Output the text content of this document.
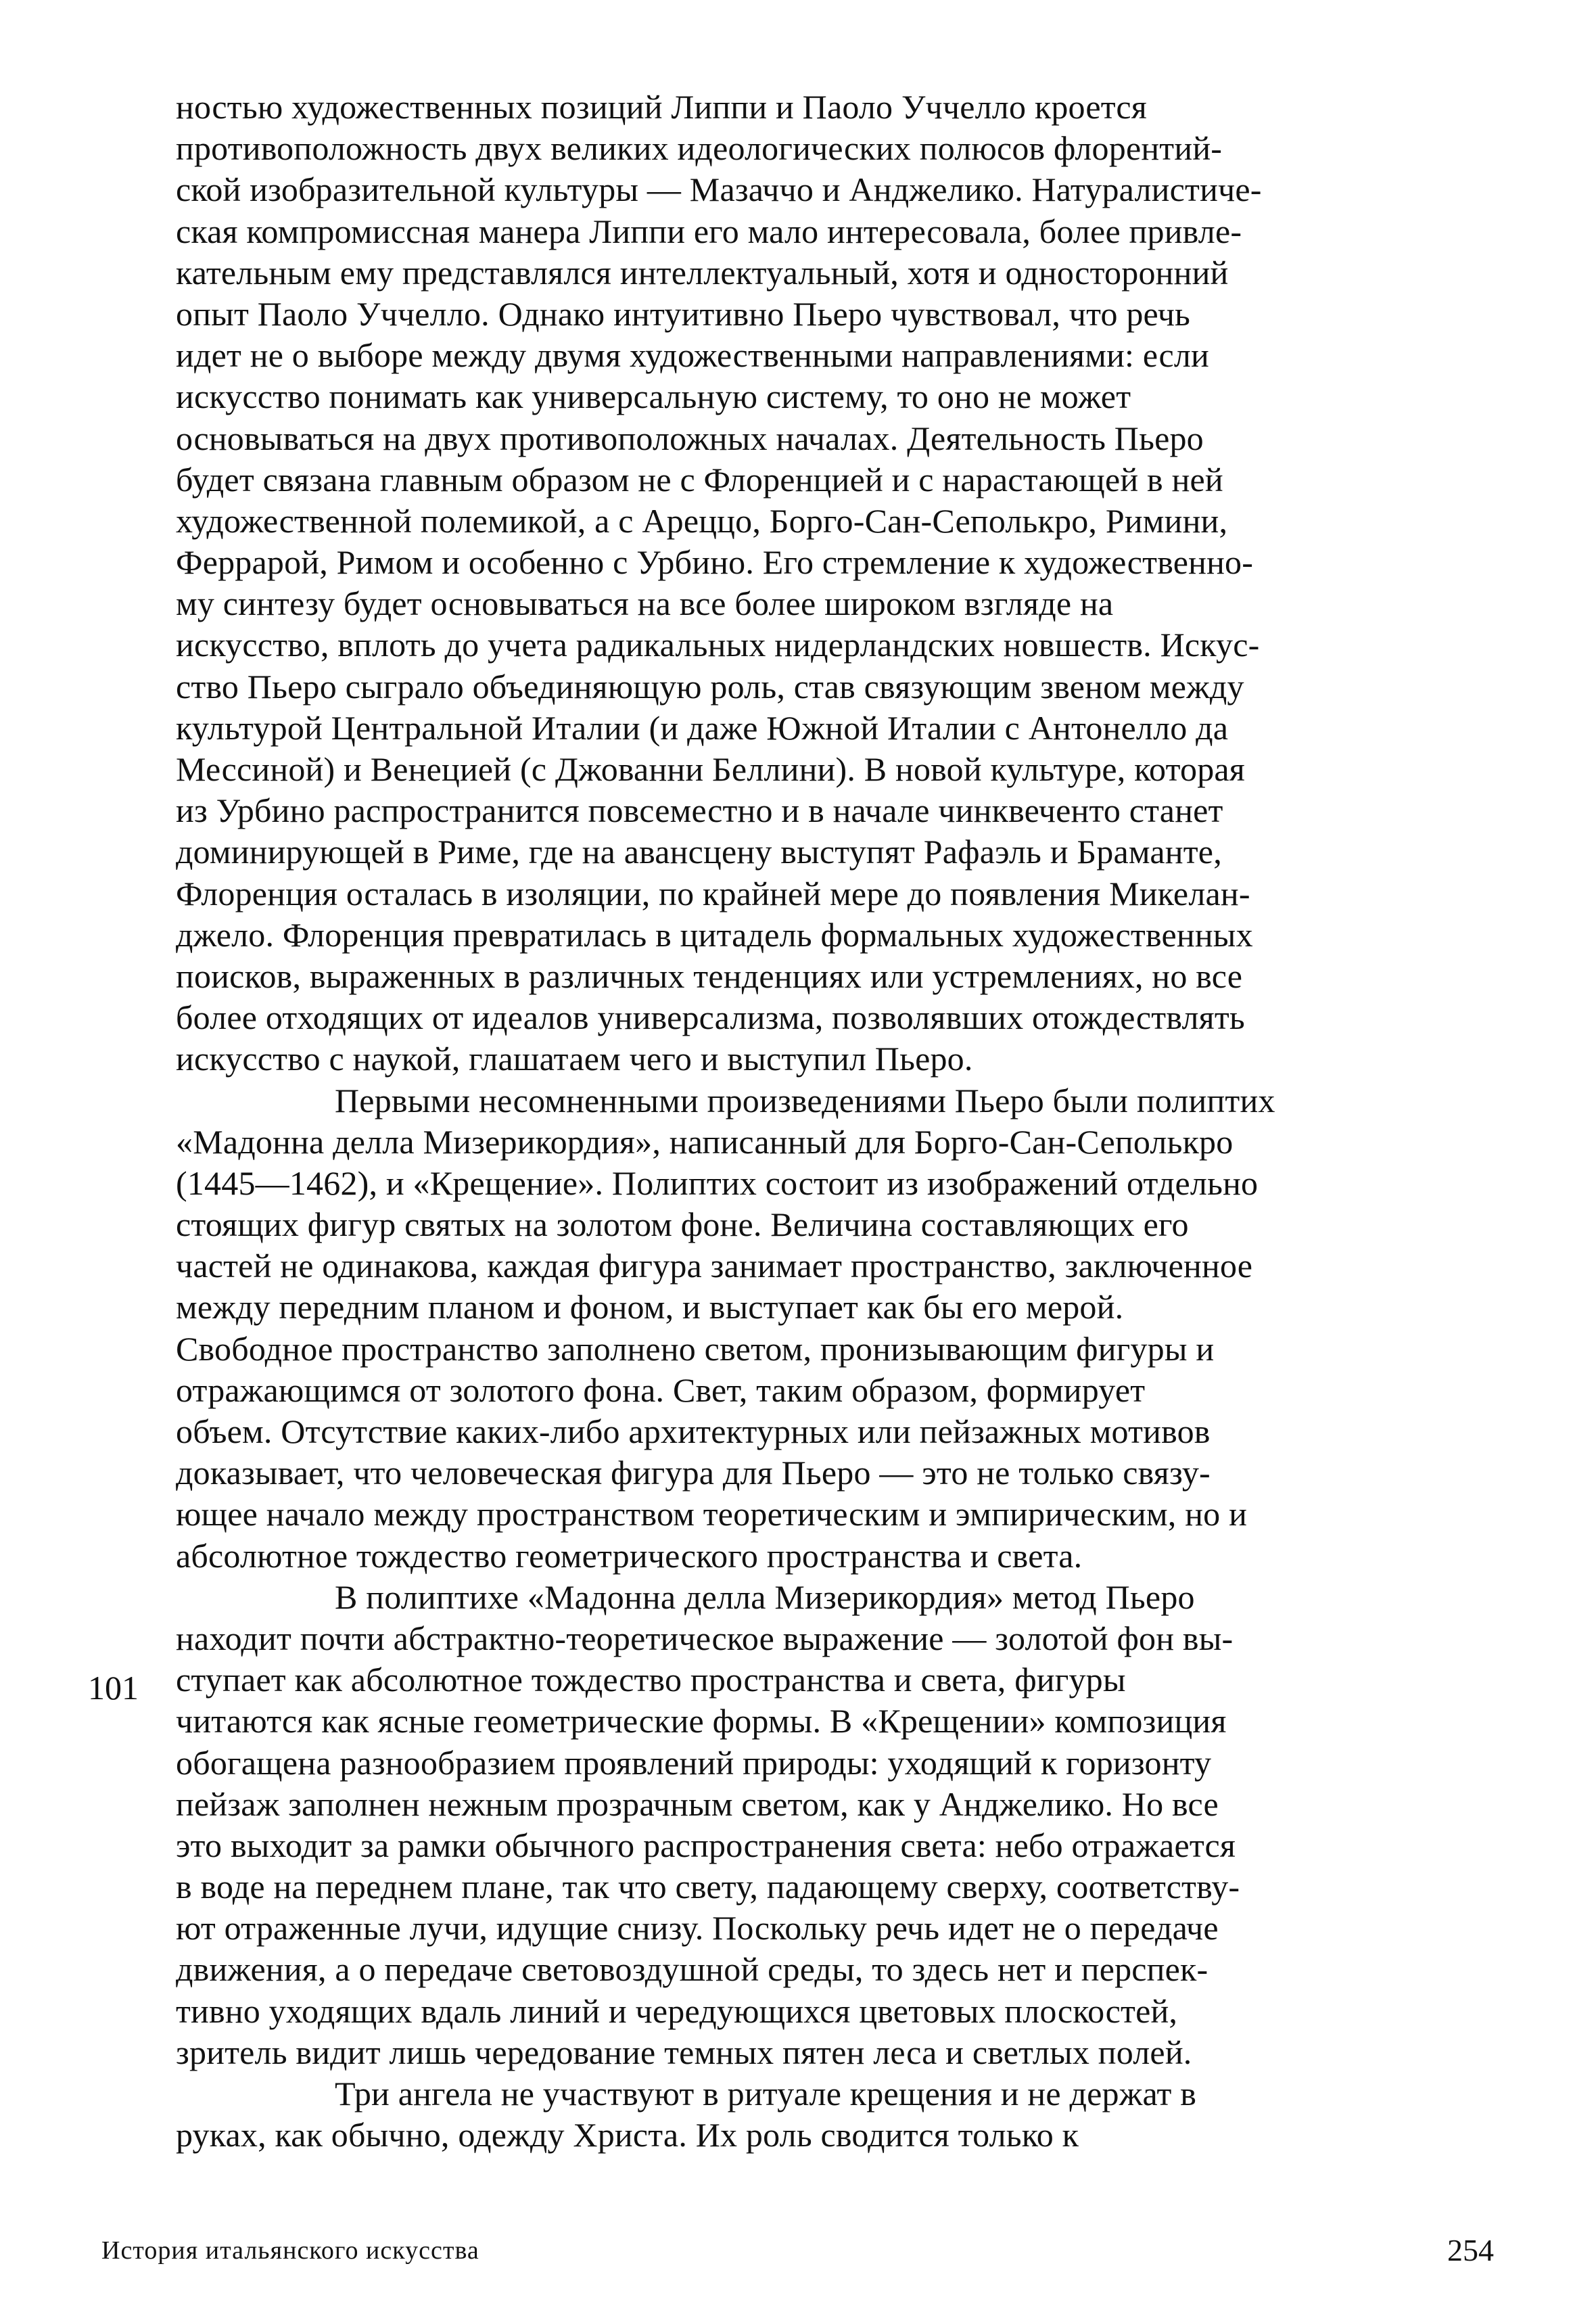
ностью художественных позиций Липпи и Паоло Уччелло кроется
противоположность двух великих идеологических полюсов флорентий-
ской изобразительной культуры — Мазаччо и Анджелико. Натуралистиче-
ская компромиссная манера Липпи его мало интересовала, более привле-
кательным ему представлялся интеллектуальный, хотя и односторонний
опыт Паоло Уччелло. Однако интуитивно Пьеро чувствовал, что речь
идет не о выборе между двумя художественными направлениями: если
искусство понимать как универсальную систему, то оно не может
основываться на двух противоположных началах. Деятельность Пьеро
будет связана главным образом не с Флоренцией и с нарастающей в ней
художественной полемикой, а с Ареццо, Борго-Сан-Сеполькро, Римини,
Феррарой, Римом и особенно с Урбино. Его стремление к художественно-
му синтезу будет основываться на все более широком взгляде на
искусство, вплоть до учета радикальных нидерландских новшеств. Искус-
ство Пьеро сыграло объединяющую роль, став связующим звеном между
культурой Центральной Италии (и даже Южной Италии с Антонелло да
Мессиной) и Венецией (с Джованни Беллини). В новой культуре, которая
из Урбино распространится повсеместно и в начале чинквеченто станет
доминирующей в Риме, где на авансцену выступят Рафаэль и Браманте,
Флоренция осталась в изоляции, по крайней мере до появления Микелан-
джело. Флоренция превратилась в цитадель формальных художественных
поисков, выраженных в различных тенденциях или устремлениях, но все
более отходящих от идеалов универсализма, позволявших отождествлять
искусство с наукой, глашатаем чего и выступил Пьеро.
Первыми несомненными произведениями Пьеро были полиптих
«Мадонна делла Мизерикордия», написанный для Борго-Сан-Сеполькро
(1445—1462), и «Крещение». Полиптих состоит из изображений отдельно
стоящих фигур святых на золотом фоне. Величина составляющих его
частей не одинакова, каждая фигура занимает пространство, заключенное
между передним планом и фоном, и выступает как бы его мерой.
Свободное пространство заполнено светом, пронизывающим фигуры и
отражающимся от золотого фона. Свет, таким образом, формирует
объем. Отсутствие каких-либо архитектурных или пейзажных мотивов
доказывает, что человеческая фигура для Пьеро — это не только связу-
ющее начало между пространством теоретическим и эмпирическим, но и
абсолютное тождество геометрического пространства и света.
В полиптихе «Мадонна делла Мизерикордия» метод Пьеро
находит почти абстрактно-теоретическое выражение — золотой фон вы-
ступает как абсолютное тождество пространства и света, фигуры
читаются как ясные геометрические формы. В «Крещении» композиция
обогащена разнообразием проявлений природы: уходящий к горизонту
пейзаж заполнен нежным прозрачным светом, как у Анджелико. Но все
это выходит за рамки обычного распространения света: небо отражается
в воде на переднем плане, так что свету, падающему сверху, соответству-
ют отраженные лучи, идущие снизу. Поскольку речь идет не о передаче
движения, а о передаче световоздушной среды, то здесь нет и перспек-
тивно уходящих вдаль линий и чередующихся цветовых плоскостей,
зритель видит лишь чередование темных пятен леса и светлых полей.
Три ангела не участвуют в ритуале крещения и не держат в
руках, как обычно, одежду Христа. Их роль сводится только к
101
История итальянского искусства	254
